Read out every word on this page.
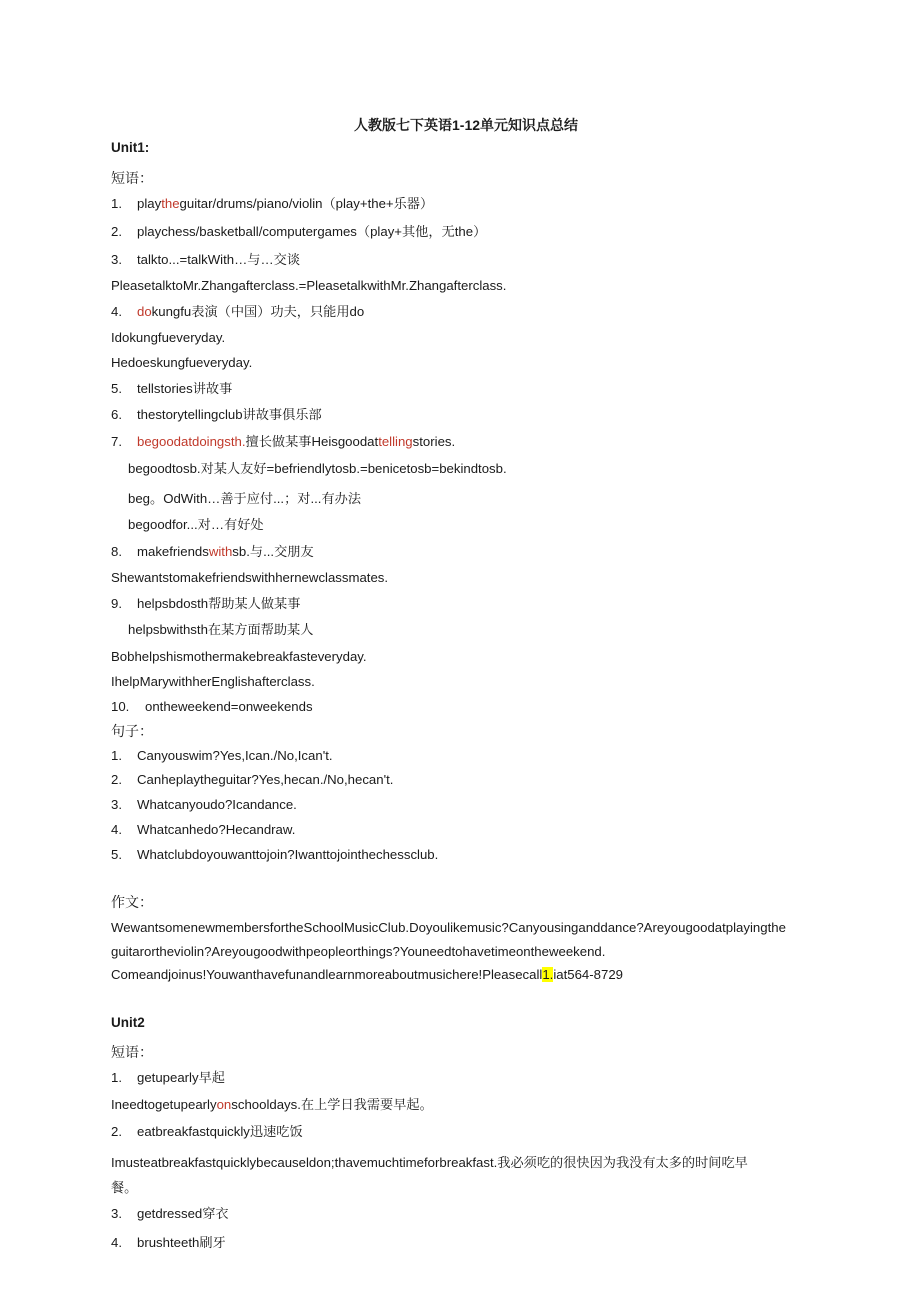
人教版七下英语1-12单元知识点总结
Unit1:
短语：
1. playtheguitar/drums/piano/violin（play+the+乐器）
2. playchess/basketball/computergames（play+其他，无the）
3. talkto...=talkWith…与…交谈
PleasetalktoMr.Zhangafterclass.=PleasetalkwithMr.Zhangafterclass.
4. dokungfu表演（中国）功夫，只能用do
Idokungfueveryday.
Hedoeskungfueveryday.
5. tellstories讲故事
6. thestorytellingclub讲故事俱乐部
7. begoodatdoingsth.擅长做某事Heisgoodattellingstories.
begoodtosb.对某人友好=befriendlytosb.=benicetosb=bekindtosb.
beg。OdWith…善于应付...；对...有办法
begoodfor...对…有好处
8. makefriendswithsb.与...交朋友
Shewantstomakefriendswithhernewclassmates.
9. helpsbdosth帮助某人做某事
helpsbwithsth在某方面帮助某人
Bobhelpshismothermakebreakfasteveryday.
IhelpMarywithherEnglishafterclass.
10. ontheweekend=onweekends
句子：
1. Canyouswim?Yes,Ican./No,Ican't.
2. Canheplaytheguitar?Yes,hecan./No,hecan't.
3. Whatcanyoudo?Icandance.
4. Whatcanhedo?Hecandraw.
5. Whatclubdoyouwanttojoin?Iwanttojointhechessclub.
作文：
WewantsomenewmembersfortheSchoolMusicClub.Doyoulikemusic?Canyousinganddance?Areyougoodatplayingthe
guitarortheviolin?Areyougoodwithpeopleorthings?Youneedtohavetimeontheweekend.
Comeandjoinus!Youwanthavefunandlearnmoreaboutmusichere!Pleasecall1.iat564-8729
Unit2
短语：
1. getupearly早起
Ineedtogetupearlyonschooldays.在上学日我需要早起。
2. eatbreakfastquickly迅速吃饭
Imusteatbreakfastquicklybecauseldon;thavemuchtimeforbreakfast.我必须吃的很快因为我没有太多的时间吃早
餐。
3. getdressed穿衣
4. brushteeth刷牙
